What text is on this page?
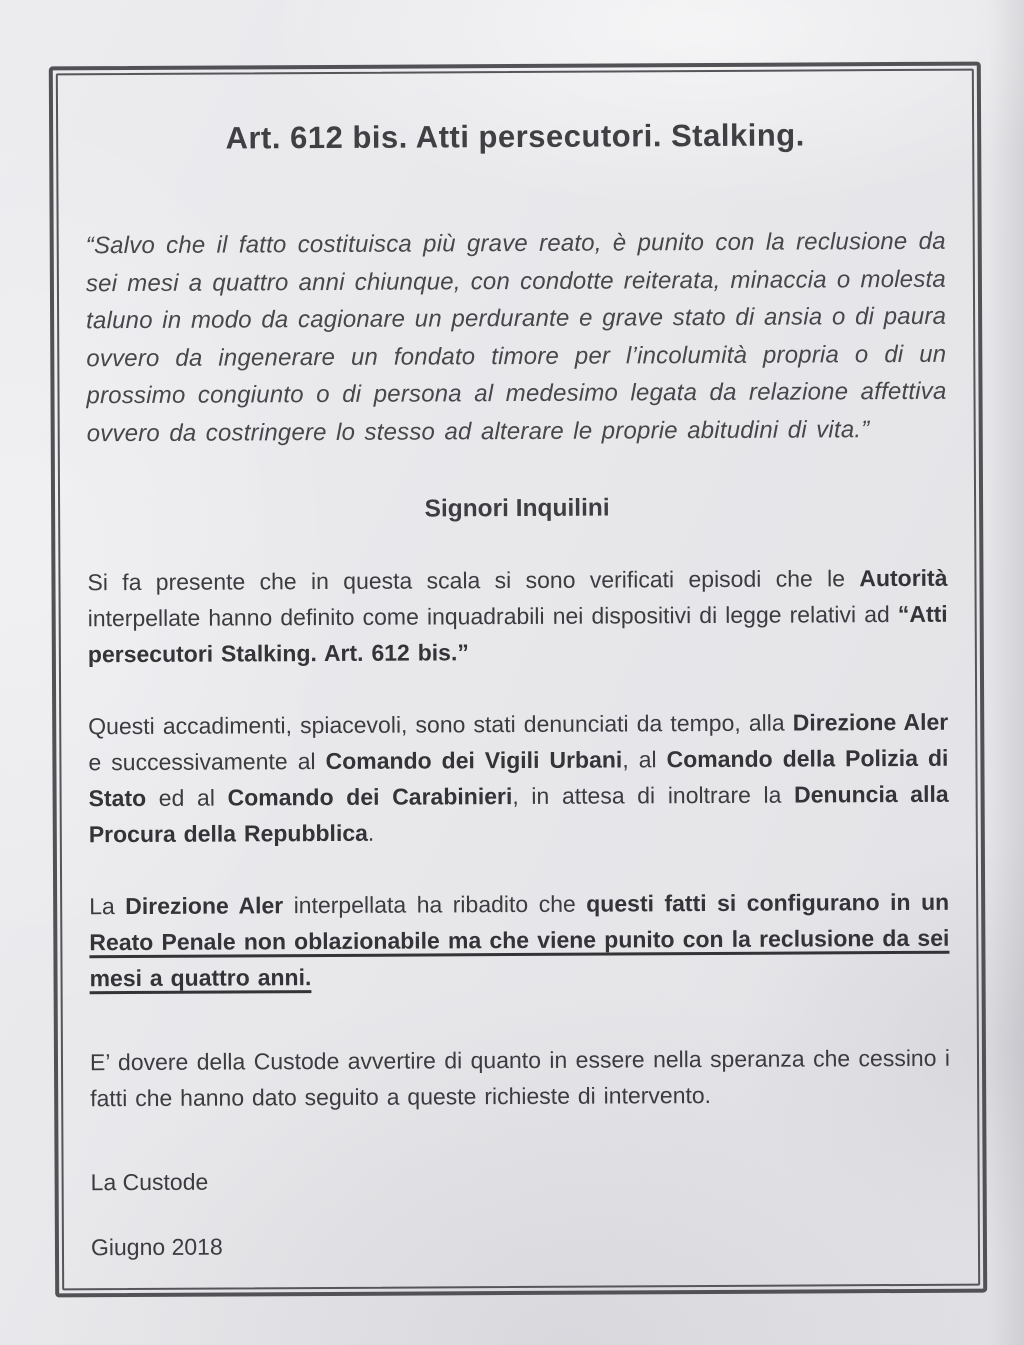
Art. 612 bis. Atti persecutori. Stalking.

“Salvo che il fatto costituisca più grave reato, è punito con la reclusione da sei mesi a quattro anni chiunque, con condotte reiterata, minaccia o molesta taluno in modo da cagionare un perdurante e grave stato di ansia o di paura ovvero da ingenerare un fondato timore per l’incolumità propria o di un prossimo congiunto o di persona al medesimo legata da relazione affettiva ovvero da costringere lo stesso ad alterare le proprie abitudini di vita.”

Signori Inquilini

Si fa presente che in questa scala si sono verificati episodi che le Autorità interpellate hanno definito come inquadrabili nei dispositivi di legge relativi ad “Atti persecutori Stalking. Art. 612 bis.”

Questi accadimenti, spiacevoli, sono stati denunciati da tempo, alla Direzione Aler e successivamente al Comando dei Vigili Urbani, al Comando della Polizia di Stato ed al Comando dei Carabinieri, in attesa di inoltrare la Denuncia alla Procura della Repubblica.

La Direzione Aler interpellata ha ribadito che questi fatti si configurano in un Reato Penale non oblazionabile ma che viene punito con la reclusione da sei mesi a quattro anni.

E’ dovere della Custode avvertire di quanto in essere nella speranza che cessino i fatti che hanno dato seguito a queste richieste di intervento.

La Custode

Giugno 2018
